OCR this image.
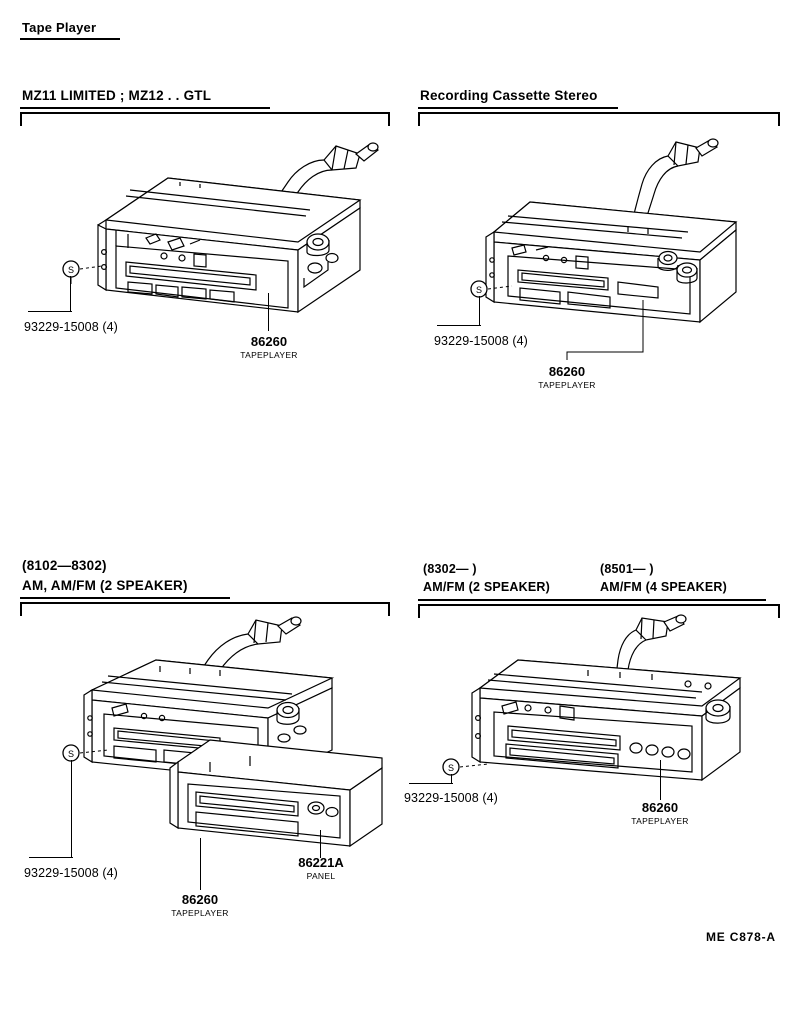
Tape Player
MZ11 LIMITED ; MZ12 . . GTL
S
93229-15008 (4)
86260
TAPEPLAYER
Recording Cassette Stereo
S
93229-15008 (4)
86260
TAPEPLAYER
(8102—8302)
AM, AM/FM (2 SPEAKER)
S
93229-15008 (4)
86260
TAPEPLAYER
86221A
PANEL
(8302— )
AM/FM (2 SPEAKER)
(8501— )
AM/FM (4 SPEAKER)
S
93229-15008 (4)
86260
TAPEPLAYER
ME C878-A
